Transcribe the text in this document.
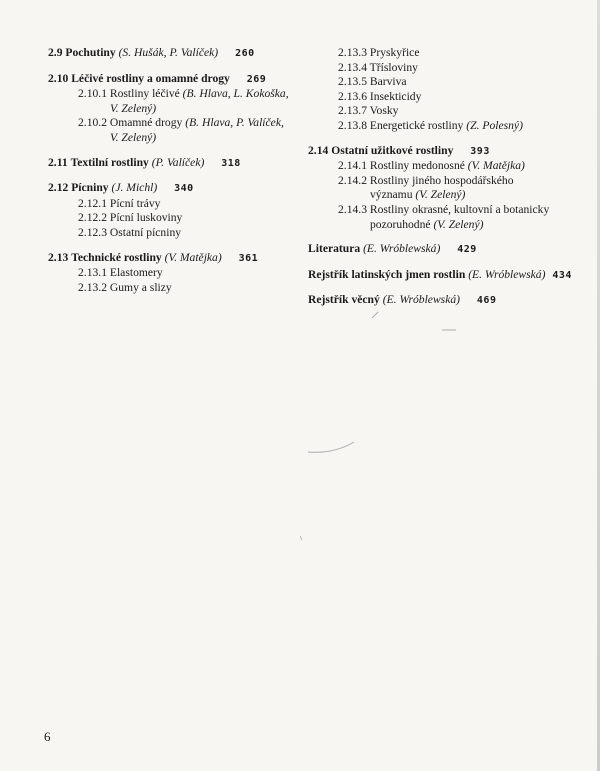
2.9 Pochutiny (S. Hušák, P. Valíček) 260
2.10 Léčivé rostliny a omamné drogy 269
2.10.1 Rostliny léčivé (B. Hlava, L. Kokoška,
V. Zelený)
2.10.2 Omamné drogy (B. Hlava, P. Valíček,
V. Zelený)
2.11 Textilní rostliny (P. Valíček) 318
2.12 Pícniny (J. Michl) 340
2.12.1 Pícní trávy
2.12.2 Pícní luskoviny
2.12.3 Ostatní pícniny
2.13 Technické rostliny (V. Matějka) 361
2.13.1 Elastomery
2.13.2 Gumy a slizy
2.13.3 Pryskyřice
2.13.4 Třísloviny
2.13.5 Barviva
2.13.6 Insekticidy
2.13.7 Vosky
2.13.8 Energetické rostliny (Z. Polesný)
2.14 Ostatní užitkové rostliny 393
2.14.1 Rostliny medonosné (V. Matějka)
2.14.2 Rostliny jiného hospodářského
významu (V. Zelený)
2.14.3 Rostliny okrasné, kultovní a botanicky
pozoruhodné (V. Zelený)
Literatura (E. Wróblewská) 429
Rejstřík latinských jmen rostlin (E. Wróblewská) 434
Rejstřík věcný (E. Wróblewská) 469
6
